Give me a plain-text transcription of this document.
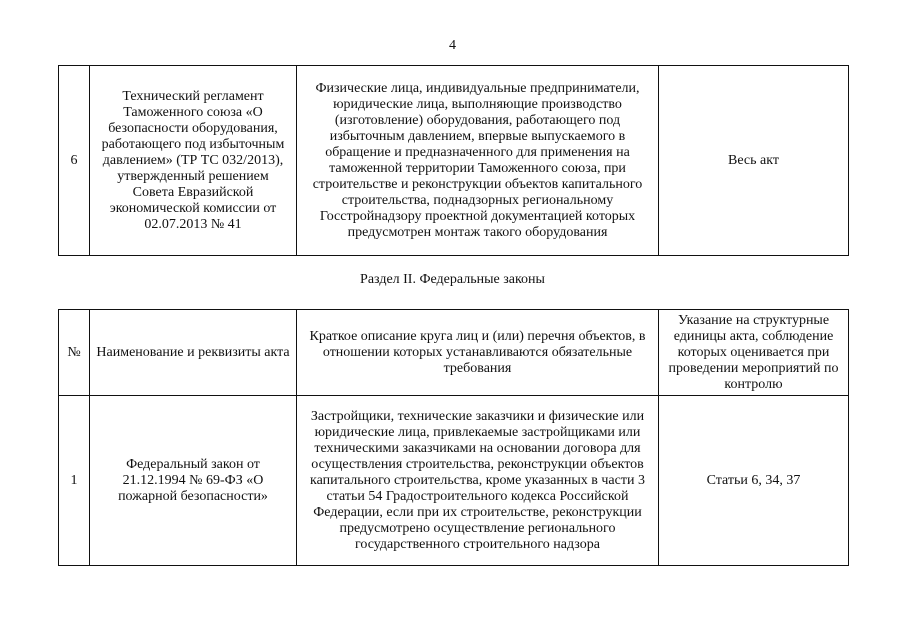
4
6	Технический регламент Таможенного союза «О безопасности оборудования, работающего под избыточным давлением» (ТР ТС 032/2013), утвержденный решением Совета Евразийской экономической комиссии от 02.07.2013 № 41	Физические лица, индивидуальные предприниматели, юридические лица, выполняющие производство (изготовление) оборудования, работающего под избыточным давлением, впервые выпускаемого в обращение и предназначенного для применения на таможенной территории Таможенного союза, при строительстве и реконструкции объектов капитального строительства, поднадзорных региональному Госстройнадзору проектной документацией которых предусмотрен монтаж такого оборудования	Весь акт
Раздел II. Федеральные законы
№	Наименование и реквизиты акта	Краткое описание круга лиц и (или) перечня объектов, в отношении которых устанавливаются обязательные требования	Указание на структурные единицы акта, соблюдение которых оценивается при проведении мероприятий по контролю
1	Федеральный закон от 21.12.1994 № 69-ФЗ «О пожарной безопасности»	Застройщики, технические заказчики и физические или юридические лица, привлекаемые застройщиками или техническими заказчиками на основании договора для осуществления строительства, реконструкции объектов капитального строительства, кроме указанных в части 3 статьи 54 Градостроительного кодекса Российской Федерации, если при их строительстве, реконструкции предусмотрено осуществление регионального государственного строительного надзора	Статьи 6, 34, 37
